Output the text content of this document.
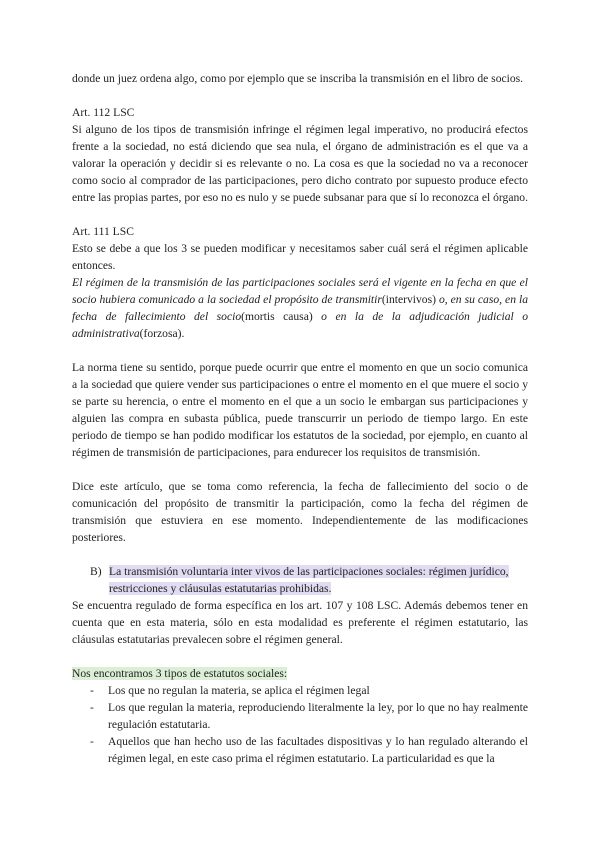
donde un juez ordena algo, como por ejemplo que se inscriba la transmisión en el libro de socios.

Art. 112 LSC

Si alguno de los tipos de transmisión infringe el régimen legal imperativo, no producirá efectos frente a la sociedad, no está diciendo que sea nula, el órgano de administración es el que va a valorar la operación y decidir si es relevante o no. La cosa es que la sociedad no va a reconocer como socio al comprador de las participaciones, pero dicho contrato por supuesto produce efecto entre las propias partes, por eso no es nulo y se puede subsanar para que sí lo reconozca el órgano.

Art. 111 LSC

Esto se debe a que los 3 se pueden modificar y necesitamos saber cuál será el régimen aplicable entonces.

El régimen de la transmisión de las participaciones sociales será el vigente en la fecha en que el socio hubiera comunicado a la sociedad el propósito de transmitir(intervivos) o, en su caso, en la fecha de fallecimiento del socio(mortis causa) o en la de la adjudicación judicial o administrativa(forzosa).

La norma tiene su sentido, porque puede ocurrir que entre el momento en que un socio comunica a la sociedad que quiere vender sus participaciones o entre el momento en el que muere el socio y se parte su herencia, o entre el momento en el que a un socio le embargan sus participaciones y alguien las compra en subasta pública, puede transcurrir un periodo de tiempo largo. En este periodo de tiempo se han podido modificar los estatutos de la sociedad, por ejemplo, en cuanto al régimen de transmisión de participaciones, para endurecer los requisitos de transmisión.

Dice este artículo, que se toma como referencia, la fecha de fallecimiento del socio o de comunicación del propósito de transmitir la participación, como la fecha del régimen de transmisión que estuviera en ese momento. Independientemente de las modificaciones posteriores.

B) La transmisión voluntaria inter vivos de las participaciones sociales: régimen jurídico, restricciones y cláusulas estatutarias prohibidas.

Se encuentra regulado de forma específica en los art. 107 y 108 LSC. Además debemos tener en cuenta que en esta materia, sólo en esta modalidad es preferente el régimen estatutario, las cláusulas estatutarias prevalecen sobre el régimen general.

Nos encontramos 3 tipos de estatutos sociales:

- Los que no regulan la materia, se aplica el régimen legal
- Los que regulan la materia, reproduciendo literalmente la ley, por lo que no hay realmente regulación estatutaria.
- Aquellos que han hecho uso de las facultades dispositivas y lo han regulado alterando el régimen legal, en este caso prima el régimen estatutario. La particularidad es que la
